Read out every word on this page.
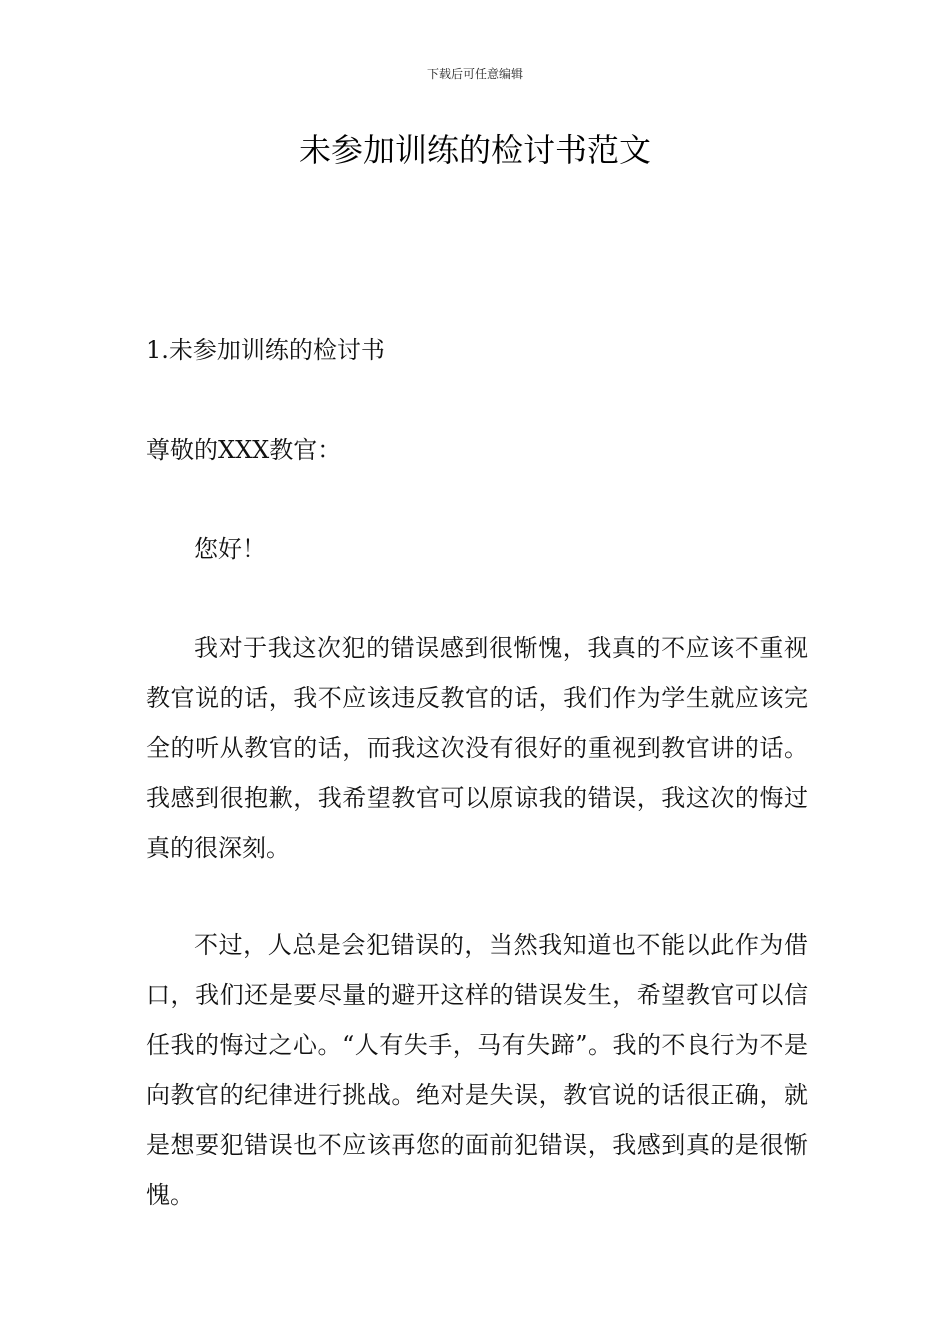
下载后可任意编辑
未参加训练的检讨书范文
1.未参加训练的检讨书

尊敬的XXX教官：

您好！

我对于我这次犯的错误感到很惭愧，我真的不应该不重视教官说的话，我不应该违反教官的话，我们作为学生就应该完全的听从教官的话，而我这次没有很好的重视到教官讲的话。我感到很抱歉，我希望教官可以原谅我的错误，我这次的悔过真的很深刻。

不过，人总是会犯错误的，当然我知道也不能以此作为借口，我们还是要尽量的避开这样的错误发生，希望教官可以信任我的悔过之心。“人有失手，马有失蹄”。我的不良行为不是向教官的纪律进行挑战。绝对是失误，教官说的话很正确，就是想要犯错误也不应该再您的面前犯错误，我感到真的是很惭愧。
